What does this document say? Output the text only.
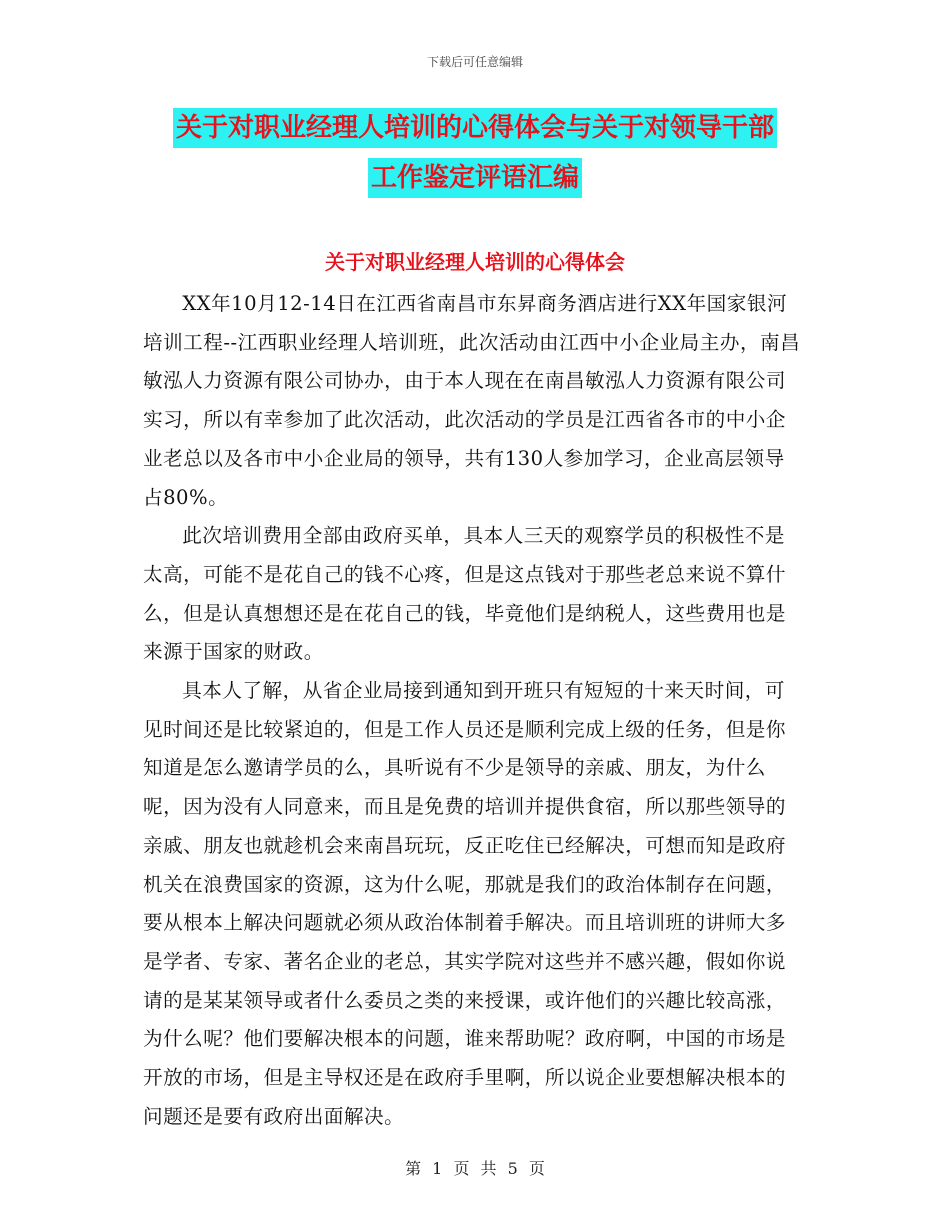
下载后可任意编辑
关于对职业经理人培训的心得体会与关于对领导干部
工作鉴定评语汇编
关于对职业经理人培训的心得体会

XX年10月12-14日在江西省南昌市东昇商务酒店进行XX年国家银河培训工程--江西职业经理人培训班，此次活动由江西中小企业局主办，南昌敏泓人力资源有限公司协办，由于本人现在在南昌敏泓人力资源有限公司实习，所以有幸参加了此次活动，此次活动的学员是江西省各市的中小企业老总以及各市中小企业局的领导，共有130人参加学习，企业高层领导占80%。

此次培训费用全部由政府买单，具本人三天的观察学员的积极性不是太高，可能不是花自己的钱不心疼，但是这点钱对于那些老总来说不算什么，但是认真想想还是在花自己的钱，毕竟他们是纳税人，这些费用也是来源于国家的财政。

具本人了解，从省企业局接到通知到开班只有短短的十来天时间，可见时间还是比较紧迫的，但是工作人员还是顺利完成上级的任务，但是你知道是怎么邀请学员的么，具听说有不少是领导的亲戚、朋友，为什么呢，因为没有人同意来，而且是免费的培训并提供食宿，所以那些领导的亲戚、朋友也就趁机会来南昌玩玩，反正吃住已经解决，可想而知是政府机关在浪费国家的资源，这为什么呢，那就是我们的政治体制存在问题，要从根本上解决问题就必须从政治体制着手解决。而且培训班的讲师大多是学者、专家、著名企业的老总，其实学院对这些并不感兴趣，假如你说请的是某某领导或者什么委员之类的来授课，或许他们的兴趣比较高涨，为什么呢？他们要解决根本的问题，谁来帮助呢？政府啊，中国的市场是开放的市场，但是主导权还是在政府手里啊，所以说企业要想解决根本的问题还是要有政府出面解决。

第 1 页 共 5 页
